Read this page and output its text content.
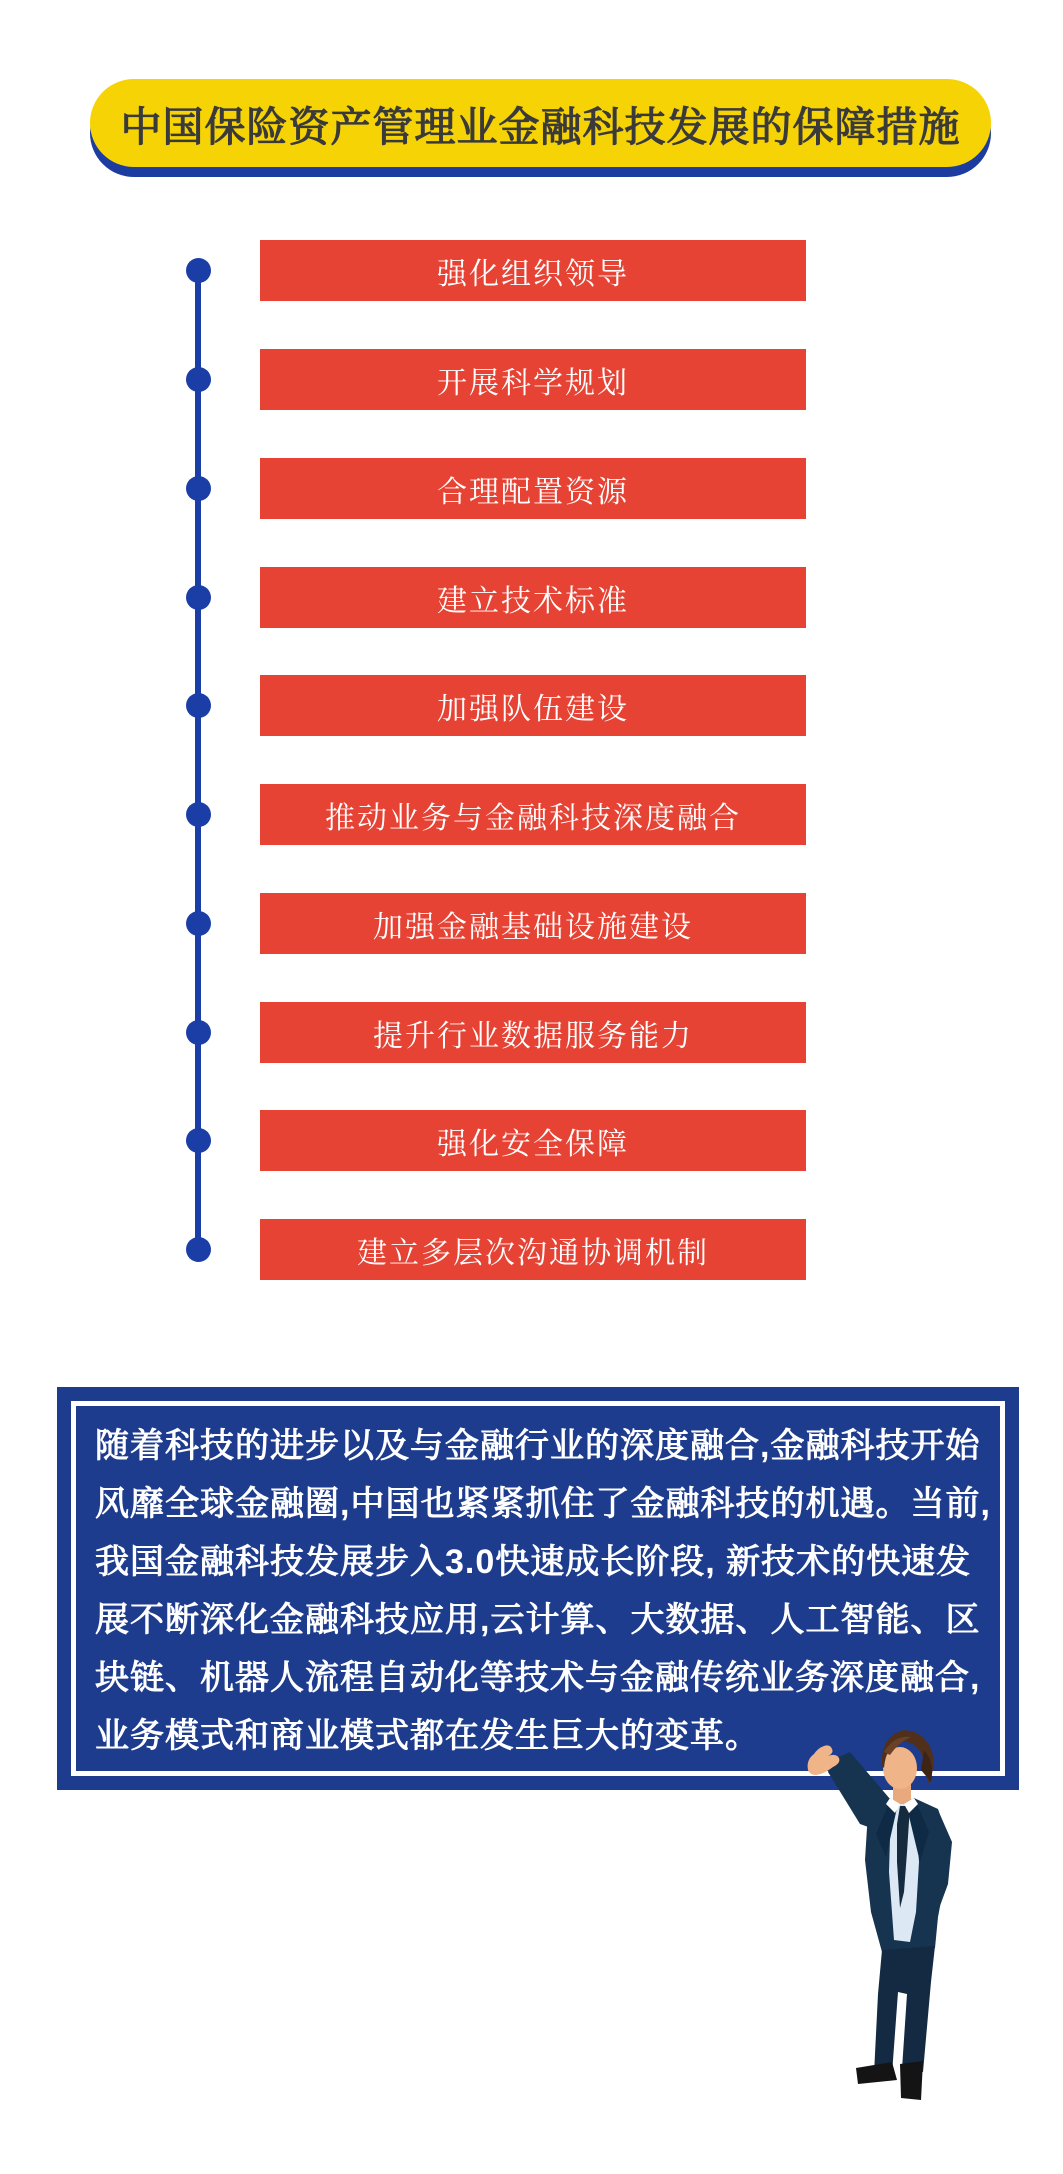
中国保险资产管理业金融科技发展的保障措施
强化组织领导
开展科学规划
合理配置资源
建立技术标准
加强队伍建设
推动业务与金融科技深度融合
加强金融基础设施建设
提升行业数据服务能力
强化安全保障
建立多层次沟通协调机制
随着科技的进步以及与金融行业的深度融合,金融科技开始
风靡全球金融圈,中国也紧紧抓住了金融科技的机遇。当前,
我国金融科技发展步入3.0快速成长阶段, 新技术的快速发
展不断深化金融科技应用,云计算、大数据、人工智能、区
块链、机器人流程自动化等技术与金融传统业务深度融合,
业务模式和商业模式都在发生巨大的变革。
